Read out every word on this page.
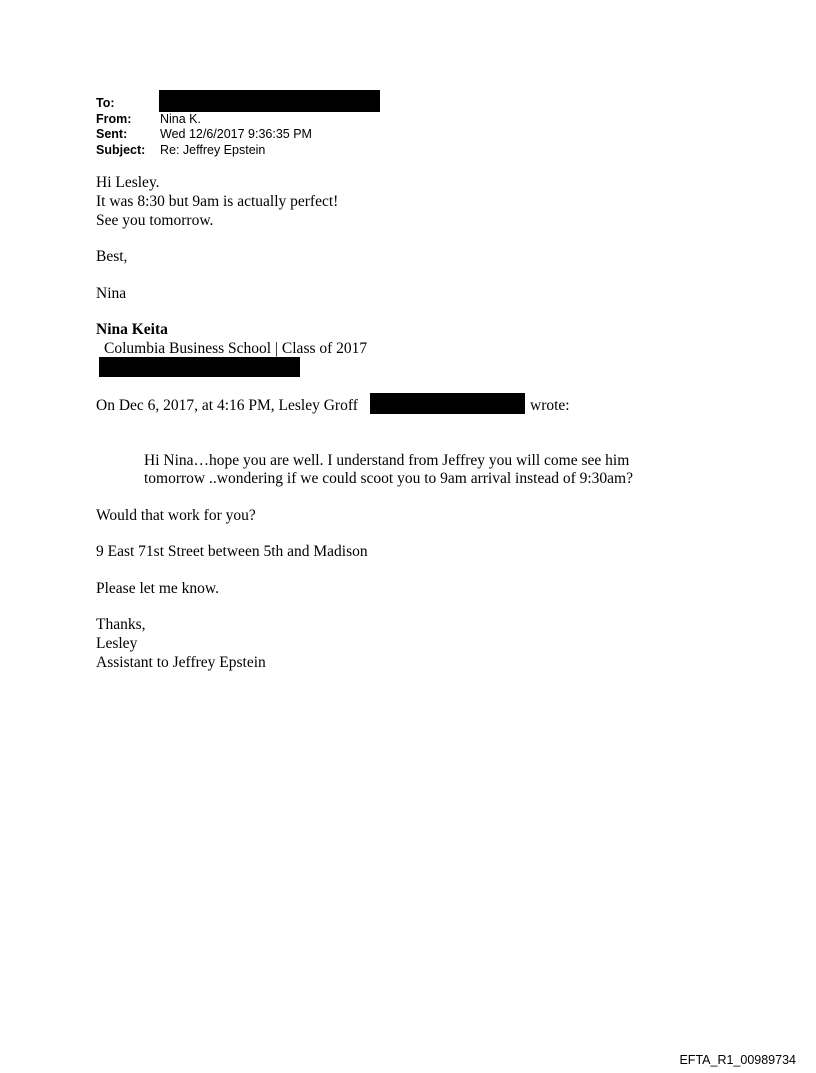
To:
From: Nina K.
Sent:	Wed 12/6/2017 9:36:35 PM
Subject: Re: Jeffrey Epstein
Hi Lesley.
It was 8:30 but 9am is actually perfect!
See you tomorrow.
Best,
Nina
Nina Keita
Columbia Business School | Class of 2017
On Dec 6, 2017, at 4:16 PM, Lesley Groff	wrote:
Hi Nina…hope you are well. I understand from Jeffrey you will come see him
tomorrow ..wondering if we could scoot you to 9am arrival instead of 9:30am?
Would that work for you?
9 East 71st Street between 5th and Madison
Please let me know.
Thanks,
Lesley
Assistant to Jeffrey Epstein
EFTA_R1_00989734
